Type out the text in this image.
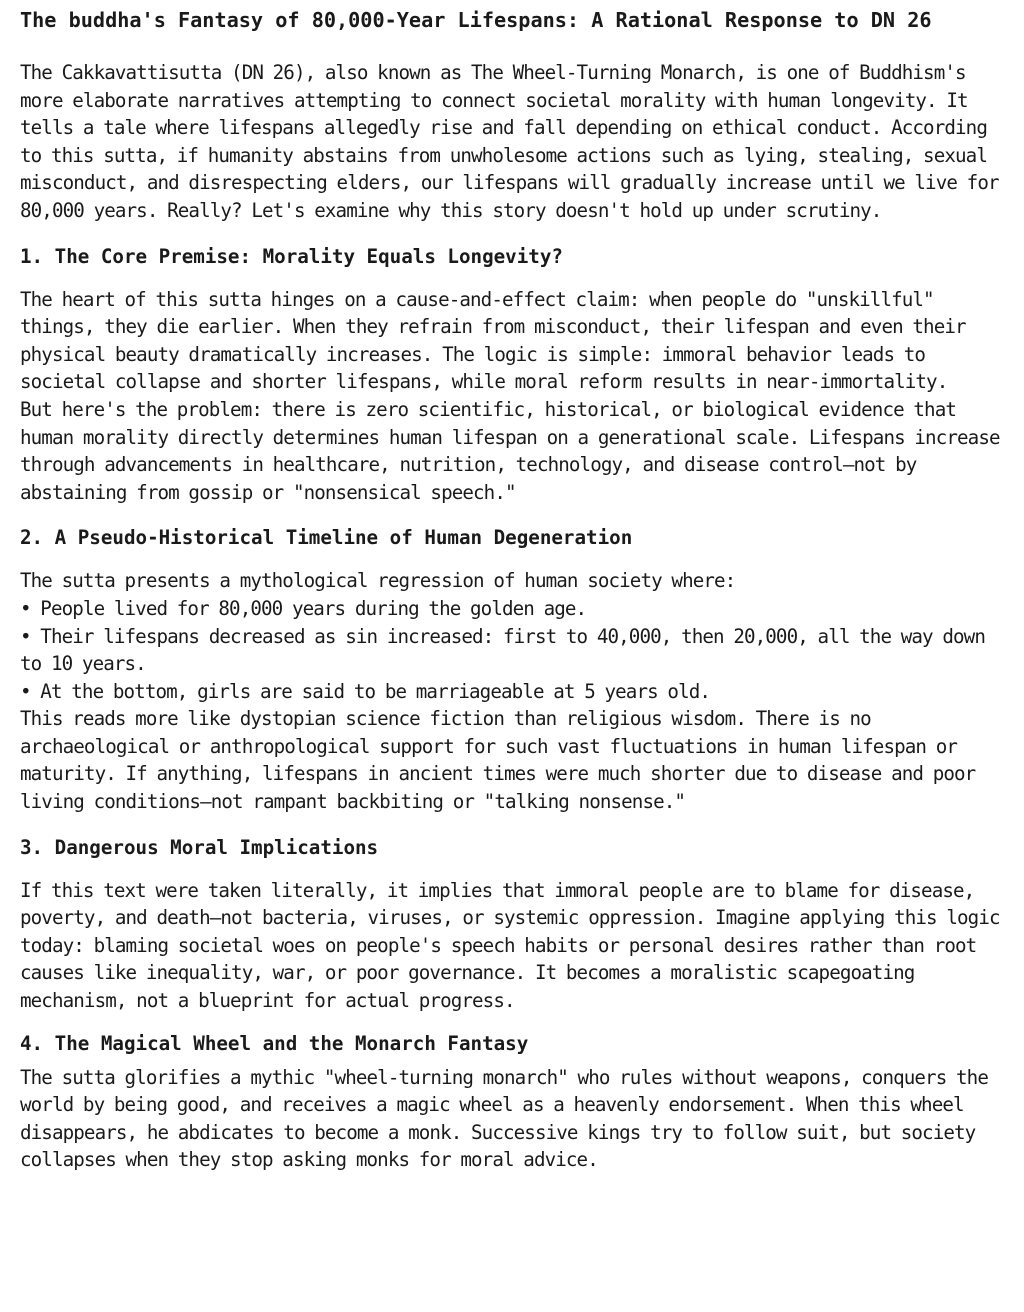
The buddha's Fantasy of 80,000-Year Lifespans: A Rational Response to DN 26

The Cakkavattisutta (DN 26), also known as The Wheel-Turning Monarch, is one of Buddhism's more elaborate narratives attempting to connect societal morality with human longevity. It tells a tale where lifespans allegedly rise and fall depending on ethical conduct. According to this sutta, if humanity abstains from unwholesome actions such as lying, stealing, sexual misconduct, and disrespecting elders, our lifespans will gradually increase until we live for 80,000 years. Really? Let's examine why this story doesn't hold up under scrutiny.

1. The Core Premise: Morality Equals Longevity?

The heart of this sutta hinges on a cause-and-effect claim: when people do "unskillful" things, they die earlier. When they refrain from misconduct, their lifespan and even their physical beauty dramatically increases. The logic is simple: immoral behavior leads to societal collapse and shorter lifespans, while moral reform results in near-immortality.

But here's the problem: there is zero scientific, historical, or biological evidence that human morality directly determines human lifespan on a generational scale. Lifespans increase through advancements in healthcare, nutrition, technology, and disease control—not by abstaining from gossip or "nonsensical speech."

2. A Pseudo-Historical Timeline of Human Degeneration

The sutta presents a mythological regression of human society where:

• People lived for 80,000 years during the golden age.

• Their lifespans decreased as sin increased: first to 40,000, then 20,000, all the way down to 10 years.

• At the bottom, girls are said to be marriageable at 5 years old.

This reads more like dystopian science fiction than religious wisdom. There is no archaeological or anthropological support for such vast fluctuations in human lifespan or maturity. If anything, lifespans in ancient times were much shorter due to disease and poor living conditions—not rampant backbiting or "talking nonsense."

3. Dangerous Moral Implications

If this text were taken literally, it implies that immoral people are to blame for disease, poverty, and death—not bacteria, viruses, or systemic oppression. Imagine applying this logic today: blaming societal woes on people's speech habits or personal desires rather than root causes like inequality, war, or poor governance. It becomes a moralistic scapegoating mechanism, not a blueprint for actual progress.

4. The Magical Wheel and the Monarch Fantasy

The sutta glorifies a mythic "wheel-turning monarch" who rules without weapons, conquers the world by being good, and receives a magic wheel as a heavenly endorsement. When this wheel disappears, he abdicates to become a monk. Successive kings try to follow suit, but society collapses when they stop asking monks for moral advice.
